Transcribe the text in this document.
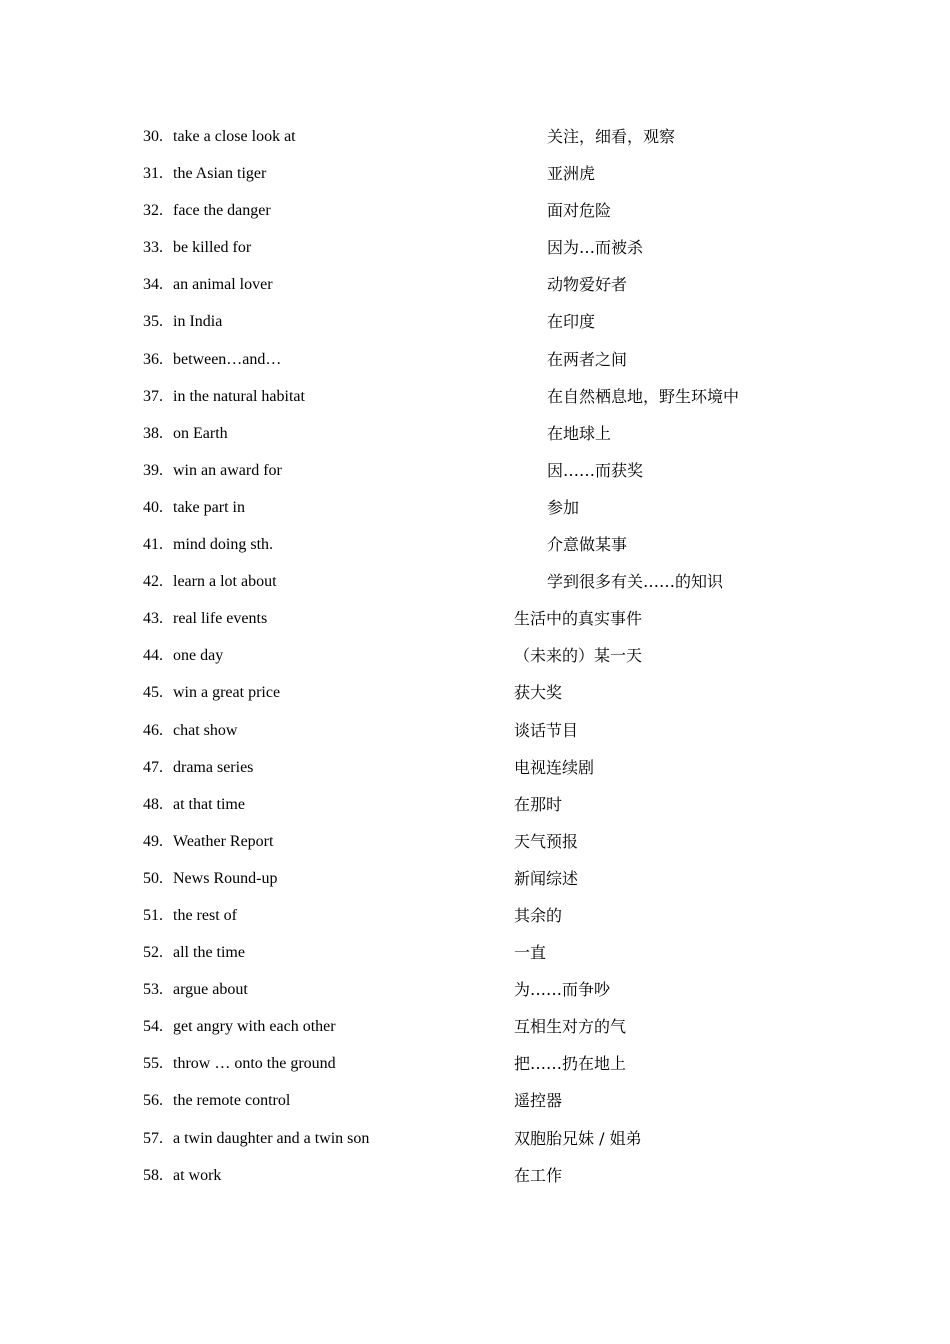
30. take a close look at	关注，细看，观察
31. the Asian tiger	亚洲虎
32. face the danger	面对危险
33. be killed for	因为…而被杀
34. an animal lover	动物爱好者
35. in India	在印度
36. between…and…	在两者之间
37. in the natural habitat	在自然栖息地，野生环境中
38. on Earth	在地球上
39. win an award for	因……而获奖
40. take part in	参加
41. mind doing sth.	介意做某事
42. learn a lot about	学到很多有关……的知识
43. real life events	生活中的真实事件
44. one day	（未来的）某一天
45. win a great price	获大奖
46. chat show	谈话节目
47. drama series	电视连续剧
48. at that time	在那时
49. Weather Report	天气预报
50. News Round-up	新闻综述
51. the rest of	其余的
52. all the time	一直
53. argue about	为……而争吵
54. get angry with each other	互相生对方的气
55. throw … onto the ground	把……扔在地上
56. the remote control	遥控器
57. a twin daughter and a twin son	双胞胎兄妹 / 姐弟
58. at work	在工作
